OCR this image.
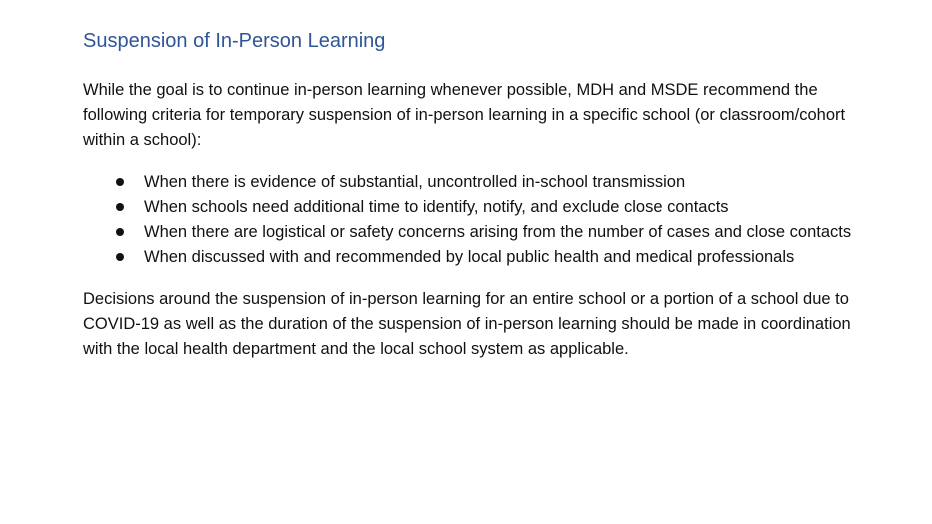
Suspension of In-Person Learning

While the goal is to continue in-person learning whenever possible, MDH and MSDE recommend the following criteria for temporary suspension of in-person learning in a specific school (or classroom/cohort within a school):

When there is evidence of substantial, uncontrolled in-school transmission
When schools need additional time to identify, notify, and exclude close contacts
When there are logistical or safety concerns arising from the number of cases and close contacts
When discussed with and recommended by local public health and medical professionals

Decisions around the suspension of in-person learning for an entire school or a portion of a school due to COVID-19 as well as the duration of the suspension of in-person learning should be made in coordination with the local health department and the local school system as applicable.
